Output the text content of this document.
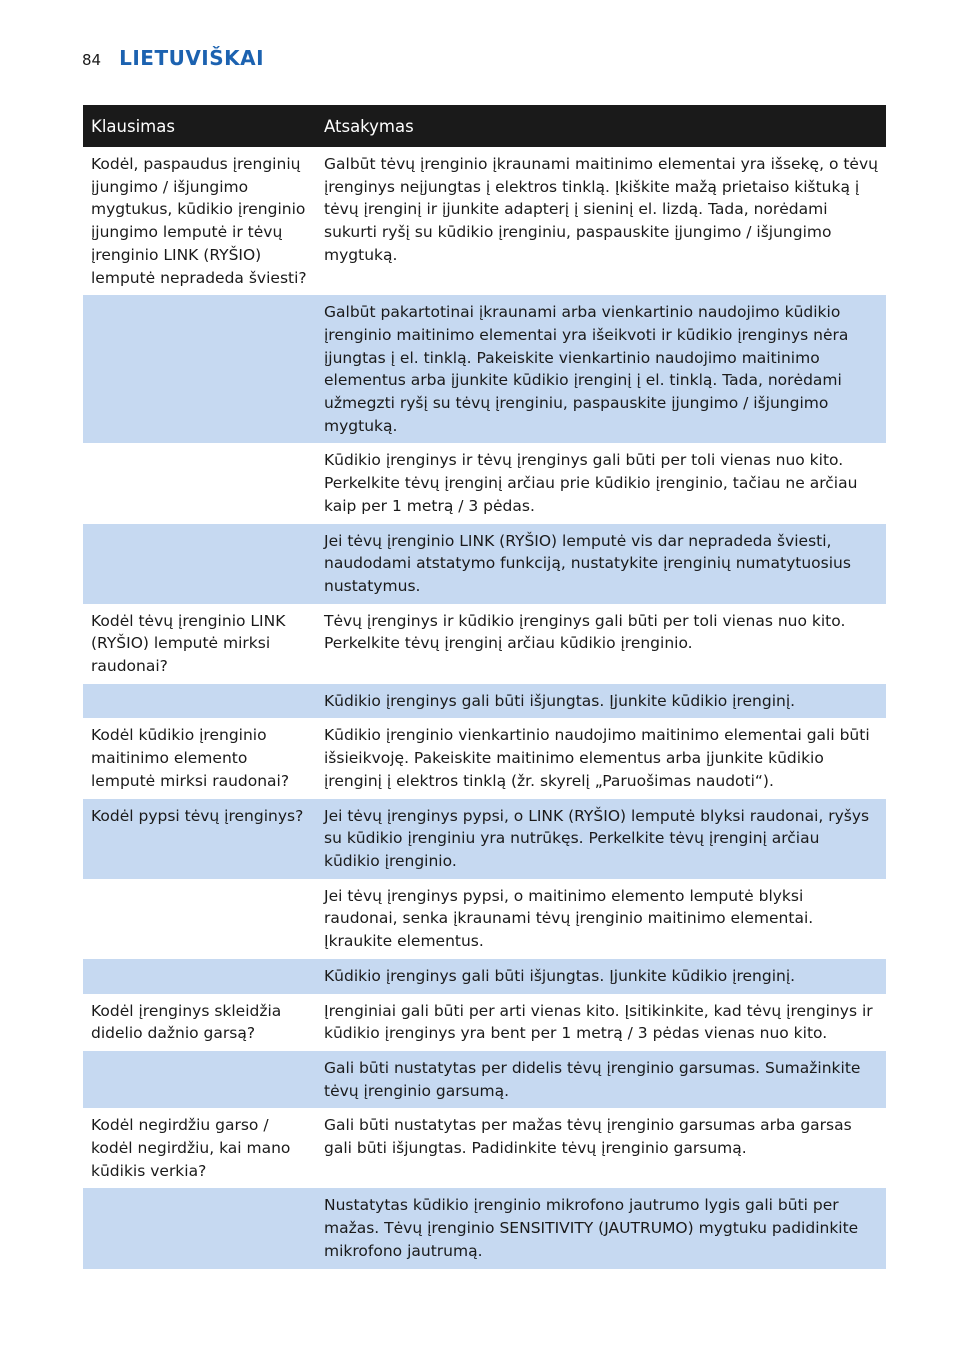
84 LIETUVIŠKAI
Klausimas	Atsakymas
Kodėl, paspaudus įrenginių įjungimo / išjungimo mygtukus, kūdikio įrenginio įjungimo lemputė ir tėvų įrenginio LINK (RYŠIO) lemputė nepradeda šviesti?	Galbūt tėvų įrenginio įkraunami maitinimo elementai yra išsekę, o tėvų įrenginys neįjungtas į elektros tinklą. Įkiškite mažą prietaiso kištuką į tėvų įrenginį ir įjunkite adapterį į sieninį el. lizdą. Tada, norėdami sukurti ryšį su kūdikio įrenginiu, paspauskite įjungimo / išjungimo mygtuką.
	Galbūt pakartotinai įkraunami arba vienkartinio naudojimo kūdikio įrenginio maitinimo elementai yra išeikvoti ir kūdikio įrenginys nėra įjungtas į el. tinklą. Pakeiskite vienkartinio naudojimo maitinimo elementus arba įjunkite kūdikio įrenginį į el. tinklą. Tada, norėdami užmegzti ryšį su tėvų įrenginiu, paspauskite įjungimo / išjungimo mygtuką.
	Kūdikio įrenginys ir tėvų įrenginys gali būti per toli vienas nuo kito. Perkelkite tėvų įrenginį arčiau prie kūdikio įrenginio, tačiau ne arčiau kaip per 1 metrą / 3 pėdas.
	Jei tėvų įrenginio LINK (RYŠIO) lemputė vis dar nepradeda šviesti, naudodami atstatymo funkciją, nustatykite įrenginių numatytuosius nustatymus.
Kodėl tėvų įrenginio LINK (RYŠIO) lemputė mirksi raudonai?	Tėvų įrenginys ir kūdikio įrenginys gali būti per toli vienas nuo kito. Perkelkite tėvų įrenginį arčiau kūdikio įrenginio.
	Kūdikio įrenginys gali būti išjungtas. Įjunkite kūdikio įrenginį.
Kodėl kūdikio įrenginio maitinimo elemento lemputė mirksi raudonai?	Kūdikio įrenginio vienkartinio naudojimo maitinimo elementai gali būti išsieikvoję. Pakeiskite maitinimo elementus arba įjunkite kūdikio įrenginį į elektros tinklą (žr. skyrelį „Paruošimas naudoti“).
Kodėl pypsi tėvų įrenginys?	Jei tėvų įrenginys pypsi, o LINK (RYŠIO) lemputė blyksi raudonai, ryšys su kūdikio įrenginiu yra nutrūkęs. Perkelkite tėvų įrenginį arčiau kūdikio įrenginio.
	Jei tėvų įrenginys pypsi, o maitinimo elemento lemputė blyksi raudonai, senka įkraunami tėvų įrenginio maitinimo elementai. Įkraukite elementus.
	Kūdikio įrenginys gali būti išjungtas. Įjunkite kūdikio įrenginį.
Kodėl įrenginys skleidžia didelio dažnio garsą?	Įrenginiai gali būti per arti vienas kito. Įsitikinkite, kad tėvų įrenginys ir kūdikio įrenginys yra bent per 1 metrą / 3 pėdas vienas nuo kito.
	Gali būti nustatytas per didelis tėvų įrenginio garsumas. Sumažinkite tėvų įrenginio garsumą.
Kodėl negirdžiu garso / kodėl negirdžiu, kai mano kūdikis verkia?	Gali būti nustatytas per mažas tėvų įrenginio garsumas arba garsas gali būti išjungtas. Padidinkite tėvų įrenginio garsumą.
	Nustatytas kūdikio įrenginio mikrofono jautrumo lygis gali būti per mažas. Tėvų įrenginio SENSITIVITY (JAUTRUMO) mygtuku padidinkite mikrofono jautrumą.
